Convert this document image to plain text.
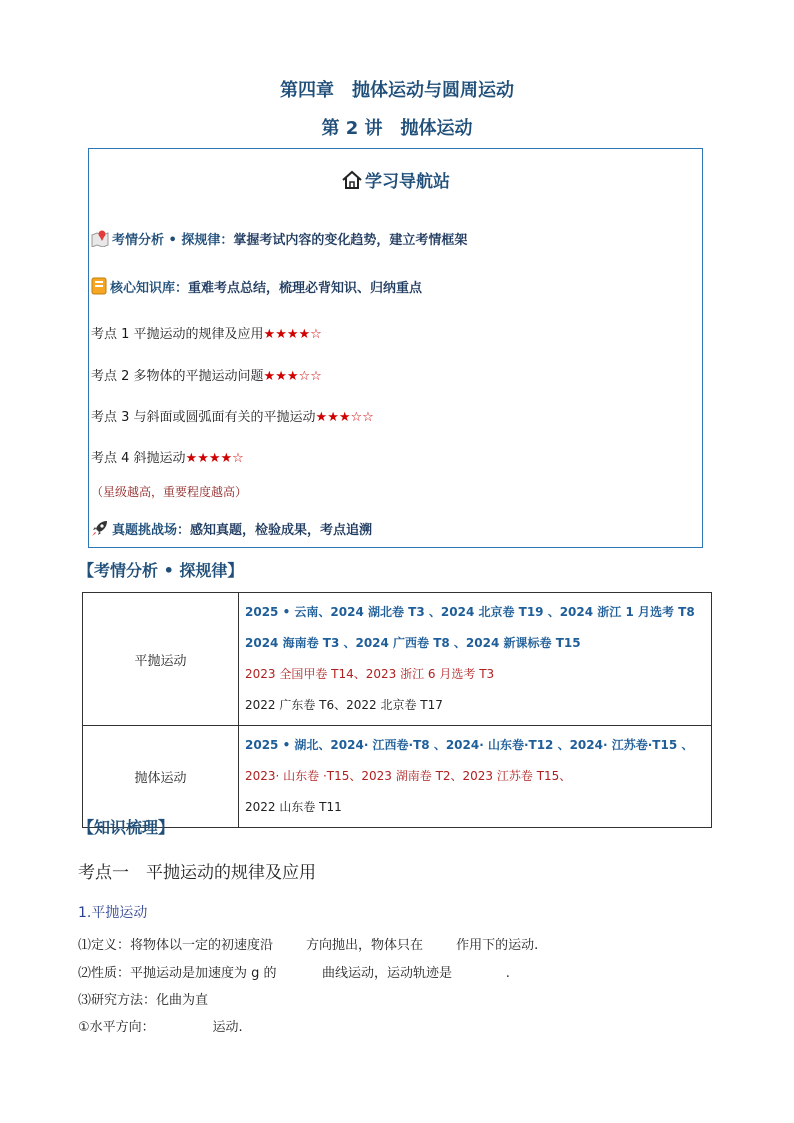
第四章　抛体运动与圆周运动
第 2 讲　抛体运动
学习导航站
考情分析 • 探规律：掌握考试内容的变化趋势，建立考情框架
核心知识库：重难考点总结，梳理必背知识、归纳重点
考点 1 平抛运动的规律及应用★★★★☆
考点 2 多物体的平抛运动问题★★★☆☆
考点 3 与斜面或圆弧面有关的平抛运动★★★☆☆
考点 4 斜抛运动★★★★☆
（星级越高，重要程度越高）
真题挑战场：感知真题，检验成果，考点追溯
【考情分析 • 探规律】
平抛运动	2025 • 云南、2024 湖北卷 T3 、2024 北京卷 T19 、2024 浙江 1 月选考 T8
2024 海南卷 T3 、2024 广西卷 T8 、2024 新课标卷 T15
2023 全国甲卷 T14、2023 浙江 6 月选考 T3
2022 广东卷 T6、2022 北京卷 T17

抛体运动	2025 • 湖北、2024· 江西卷·T8 、2024· 山东卷·T12 、2024· 江苏卷·T15 、
2023· 山东卷 ·T15、2023 湖南卷 T2、2023 江苏卷 T15、
2022 山东卷 T11
【知识梳理】
考点一　平抛运动的规律及应用
1.平抛运动
⑴定义：将物体以一定的初速度沿        方向抛出，物体只在        作用下的运动.
⑵性质：平抛运动是加速度为 g 的           曲线运动，运动轨迹是             .
⑶研究方法：化曲为直
①水平方向：              运动.
